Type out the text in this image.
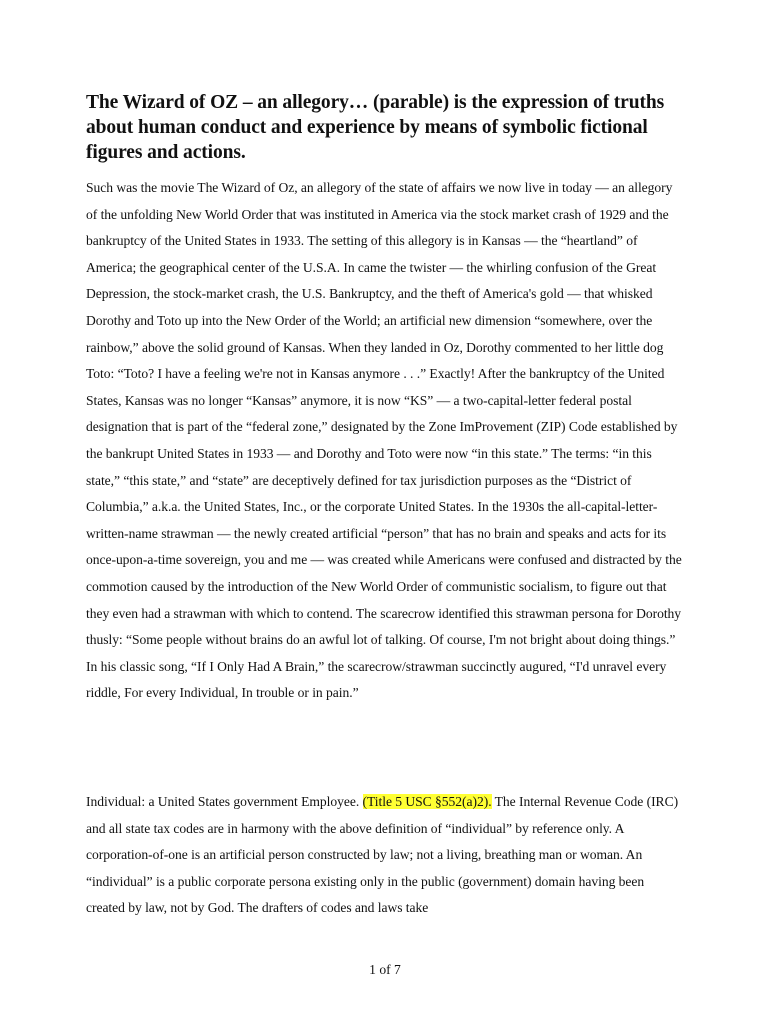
The Wizard of OZ – an allegory… (parable) is the expression of truths about human conduct and experience by means of symbolic fictional figures and actions.

Such was the movie The Wizard of Oz, an allegory of the state of affairs we now live in today — an allegory of the unfolding New World Order that was instituted in America via the stock market crash of 1929 and the bankruptcy of the United States in 1933. The setting of this allegory is in Kansas — the “heartland” of America; the geographical center of the U.S.A. In came the twister — the whirling confusion of the Great Depression, the stock-market crash, the U.S. Bankruptcy, and the theft of America's gold — that whisked Dorothy and Toto up into the New Order of the World; an artificial new dimension “somewhere, over the rainbow,” above the solid ground of Kansas. When they landed in Oz, Dorothy commented to her little dog Toto: “Toto? I have a feeling we're not in Kansas anymore . . .” Exactly! After the bankruptcy of the United States, Kansas was no longer “Kansas” anymore, it is now “KS” — a two-capital-letter federal postal designation that is part of the “federal zone,” designated by the Zone ImProvement (ZIP) Code established by the bankrupt United States in 1933 — and Dorothy and Toto were now “in this state.” The terms: “in this state,” “this state,” and “state” are deceptively defined for tax jurisdiction purposes as the “District of Columbia,” a.k.a. the United States, Inc., or the corporate United States. In the 1930s the all-capital-letter-written-name strawman — the newly created artificial “person” that has no brain and speaks and acts for its once-upon-a-time sovereign, you and me — was created while Americans were confused and distracted by the commotion caused by the introduction of the New World Order of communistic socialism, to figure out that they even had a strawman with which to contend. The scarecrow identified this strawman persona for Dorothy thusly: “Some people without brains do an awful lot of talking. Of course, I'm not bright about doing things.” In his classic song, “If I Only Had A Brain,” the scarecrow/strawman succinctly augured, “I'd unravel every riddle, For every Individual, In trouble or in pain.”

Individual: a United States government Employee. (Title 5 USC §552(a)2). The Internal Revenue Code (IRC) and all state tax codes are in harmony with the above definition of “individual” by reference only. A corporation-of-one is an artificial person constructed by law; not a living, breathing man or woman. An “individual” is a public corporate persona existing only in the public (government) domain having been created by law, not by God. The drafters of codes and laws take

1 of 7
